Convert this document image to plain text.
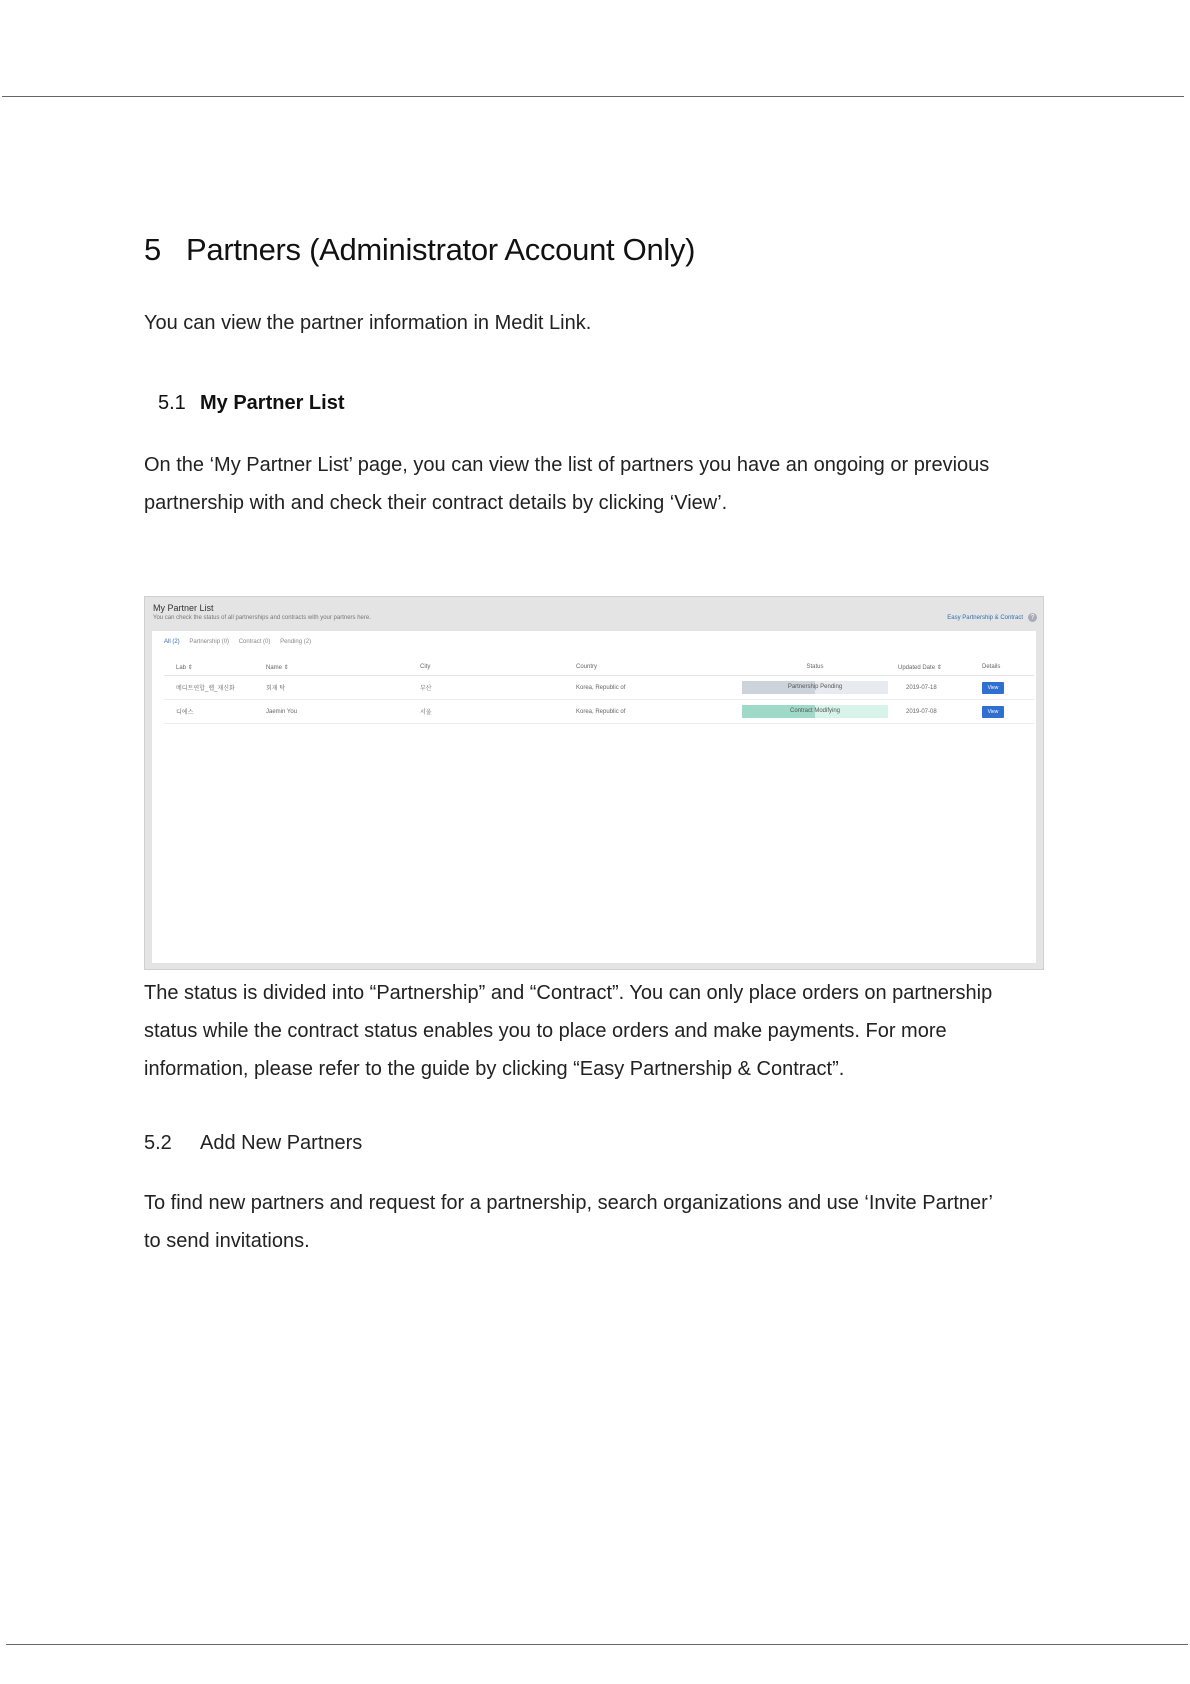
5 Partners (Administrator Account Only)
You can view the partner information in Medit Link.
5.1 My Partner List
On the ‘My Partner List’ page, you can view the list of partners you have an ongoing or previous
partnership with and check their contract details by clicking ‘View’.
My Partner List
You can check the status of all partnerships and contracts with your partners here.	Easy Partnership & Contract	?
All (2) Partnership (0) Contract (0) Pending (2)
Lab ⇕	Name ⇕	City	Country	Status	Updated Date ⇕	Details
메디트연합_랩_재신화	회재 탁	부산	Korea, Republic of	Partnership Pending	2019-07-18	View
디에스	Jaemin You	서울	Korea, Republic of	Contract Modifying	2019-07-08	View
The status is divided into “Partnership” and “Contract”. You can only place orders on partnership
status while the contract status enables you to place orders and make payments. For more
information, please refer to the guide by clicking “Easy Partnership & Contract”.
5.2 Add New Partners
To find new partners and request for a partnership, search organizations and use ‘Invite Partner’
to send invitations.
